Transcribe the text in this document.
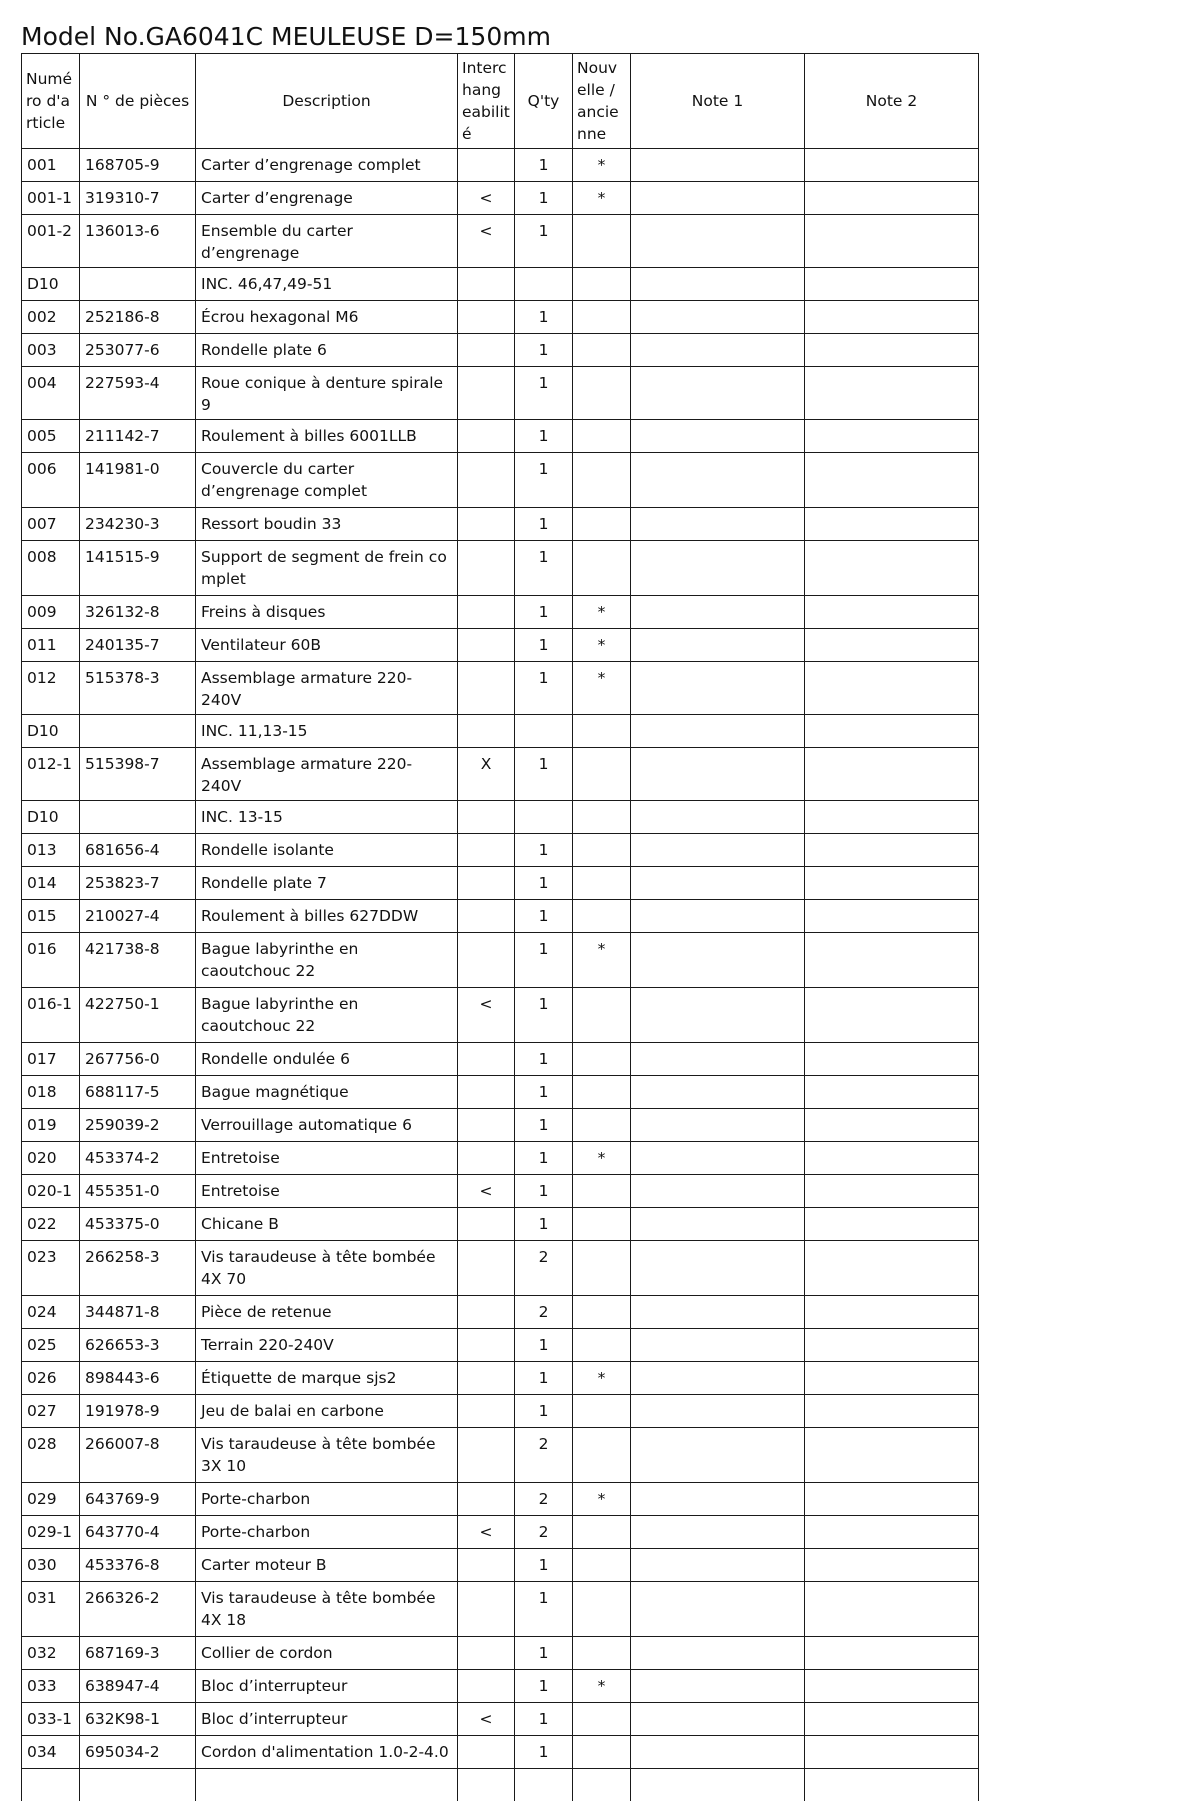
Model No.GA6041C MEULEUSE D=150mm
Numé ro d'a rticle	N ° de pièces	Description	Interc hang eabilit é	Q'ty	Nouv elle / ancie nne	Note 1	Note 2
001	168705-9	Carter d’engrenage complet		1	*		
001-1	319310-7	Carter d’engrenage	<	1	*		
001-2	136013-6	Ensemble du carter d’engrenage	<	1			
D10		INC. 46,47,49-51					
002	252186-8	Écrou hexagonal M6		1			
003	253077-6	Rondelle plate 6		1			
004	227593-4	Roue conique à denture spirale 9		1			
005	211142-7	Roulement à billes 6001LLB		1			
006	141981-0	Couvercle du carter d’engrenage complet		1			
007	234230-3	Ressort boudin 33		1			
008	141515-9	Support de segment de frein co mplet		1			
009	326132-8	Freins à disques		1	*		
011	240135-7	Ventilateur 60B		1	*		
012	515378-3	Assemblage armature 220-240V		1	*		
D10		INC. 11,13-15					
012-1	515398-7	Assemblage armature 220-240V	X	1			
D10		INC. 13-15					
013	681656-4	Rondelle isolante		1			
014	253823-7	Rondelle plate 7		1			
015	210027-4	Roulement à billes 627DDW		1			
016	421738-8	Bague labyrinthe en caoutchouc 22		1	*		
016-1	422750-1	Bague labyrinthe en caoutchouc 22	<	1			
017	267756-0	Rondelle ondulée 6		1			
018	688117-5	Bague magnétique		1			
019	259039-2	Verrouillage automatique 6		1			
020	453374-2	Entretoise		1	*		
020-1	455351-0	Entretoise	<	1			
022	453375-0	Chicane B		1			
023	266258-3	Vis taraudeuse à tête bombée 4X 70		2			
024	344871-8	Pièce de retenue		2			
025	626653-3	Terrain 220-240V		1			
026	898443-6	Étiquette de marque sjs2		1	*		
027	191978-9	Jeu de balai en carbone		1			
028	266007-8	Vis taraudeuse à tête bombée 3X 10		2			
029	643769-9	Porte-charbon		2	*		
029-1	643770-4	Porte-charbon	<	2			
030	453376-8	Carter moteur B		1			
031	266326-2	Vis taraudeuse à tête bombée 4X 18		1			
032	687169-3	Collier de cordon		1			
033	638947-4	Bloc d’interrupteur		1	*		
033-1	632K98-1	Bloc d’interrupteur	<	1			
034	695034-2	Cordon d'alimentation 1.0-2-4.0		1			
